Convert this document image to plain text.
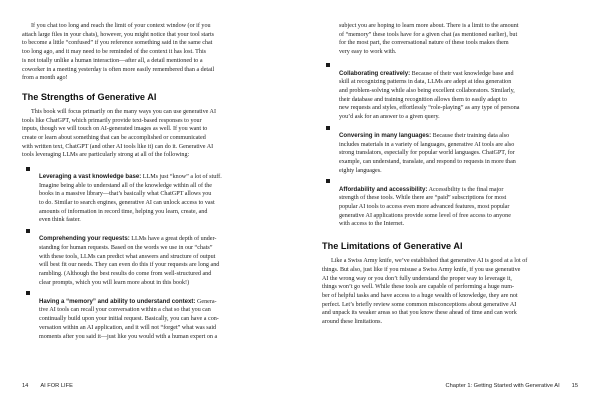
If you chat too long and reach the limit of your context window (or if you
attach large files in your chats), however, you might notice that your tool starts
to become a little “confused” if you reference something said in the same chat
too long ago, and it may need to be reminded of the context it has lost. This
is not totally unlike a human interaction—after all, a detail mentioned to a
coworker in a meeting yesterday is often more easily remembered than a detail
from a month ago!

The Strengths of Generative AI

This book will focus primarily on the many ways you can use generative AI
tools like ChatGPT, which primarily provide text-based responses to your
inputs, though we will touch on AI-generated images as well. If you want to
create or learn about something that can be accomplished or communicated
with written text, ChatGPT (and other AI tools like it) can do it. Generative AI
tools leveraging LLMs are particularly strong at all of the following:

Leveraging a vast knowledge base: LLMs just “know” a lot of stuff.
Imagine being able to understand all of the knowledge within all of the
books in a massive library—that’s basically what ChatGPT allows you
to do. Similar to search engines, generative AI can unlock access to vast
amounts of information in record time, helping you learn, create, and
even think faster.

Comprehending your requests: LLMs have a great depth of under-
standing for human requests. Based on the words we use in our “chats”
with these tools, LLMs can predict what answers and structure of output
will best fit our needs. They can even do this if your requests are long and
rambling. (Although the best results do come from well-structured and
clear prompts, which you will learn more about in this book!)

Having a “memory” and ability to understand context: Genera-
tive AI tools can recall your conversation within a chat so that you can
continually build upon your initial request. Basically, you can have a con-
versation within an AI application, and it will not “forget” what was said
moments after you said it—just like you would with a human expert on a

subject you are hoping to learn more about. There is a limit to the amount
of “memory” these tools have for a given chat (as mentioned earlier), but
for the most part, the conversational nature of these tools makes them
very easy to work with.

Collaborating creatively: Because of their vast knowledge base and
skill at recognizing patterns in data, LLMs are adept at idea generation
and problem-solving while also being excellent collaborators. Similarly,
their database and training recognition allows them to easily adapt to
new requests and styles, effortlessly “role-playing” as any type of persona
you’d ask for an answer to a given query.

Conversing in many languages: Because their training data also
includes materials in a variety of languages, generative AI tools are also
strong translators, especially for popular world languages. ChatGPT, for
example, can understand, translate, and respond to requests in more than
eighty languages.

Affordability and accessibility: Accessibility is the final major
strength of these tools. While there are “paid” subscriptions for most
popular AI tools to access even more advanced features, most popular
generative AI applications provide some level of free access to anyone
with access to the Internet.

The Limitations of Generative AI

Like a Swiss Army knife, we’ve established that generative AI is good at a lot of
things. But also, just like if you misuse a Swiss Army knife, if you use generative
AI the wrong way or you don’t fully understand the proper way to leverage it,
things won’t go well. While these tools are capable of performing a huge num-
ber of helpful tasks and have access to a huge wealth of knowledge, they are not
perfect. Let’s briefly review some common misconceptions about generative AI
and unpack its weaker areas so that you know these ahead of time and can work
around these limitations.

14 AI FOR LIFE	Chapter 1: Getting Started with Generative AI 15
